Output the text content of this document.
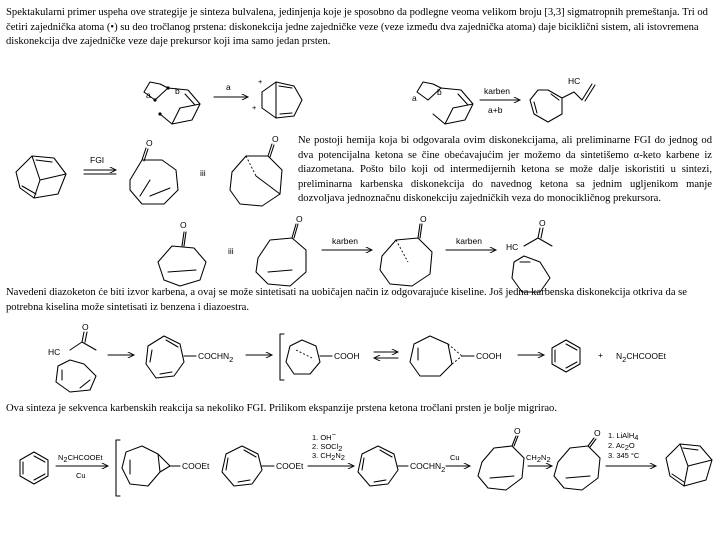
Spektakularni primer uspeha ove strategije je sinteza bulvalena, jedinjenja koje je sposobno da podlegne veoma velikom broju [3,3] sigmatropnih premeštanja. Tri od četiri zajednička atoma (•) su deo tročlanog prstena: diskonekcija jedne zajedničke veze (veze između dva zajednička atoma) daje biciklični sistem, ali istovremena diskonekcija dve zajedničke veze daje prekursor koji ima samo jedan prsten.

Ne postoji hemija koja bi odgovarala ovim diskonekcijama, ali preliminarne FGI do jednog od dva potencijalna ketona se čine obećavajućim jer možemo da sintetišemo α-keto karbene iz diazometana. Pošto bilo koji od intermedijernih ketona se može dalje iskoristiti u sintezi, preliminarna karbenska diskonekcija do navednog ketona sa jednim ugljenikom manje dozvoljava jednoznačnu diskonekciju zajedničkih veza do monocikličnog prekursora.

Navedeni diazoketon će biti izvor karbena, a ovaj se može sintetisati na uobičajen način iz odgovarajuće kiseline. Još jedna karbenska diskonekcija otkriva da se potrebna kiselina može sintetisati iz benzena i diazoestra.

Ova sinteza je sekvenca karbenskih reakcija sa nekoliko FGI. Prilikom ekspanzije prstena ketona tročlani prsten je bolje migrirao.

a	b	a
+
+
a
b	karben
a+b
HC
FGI
O
iii
O
O
iii
O
karben
O
karben
O
HC
O
HC	COCHN2	COOH	COOH	+ N2CHCOOEt
N2CHCOOEt
Cu
COOEt	COOEt
1. OH−
2. SOCl2
3. CH2N2
COCHN2
Cu
O
CH2N2
O 1. LiAlH4
2. Ac2O
3. 345 °C
